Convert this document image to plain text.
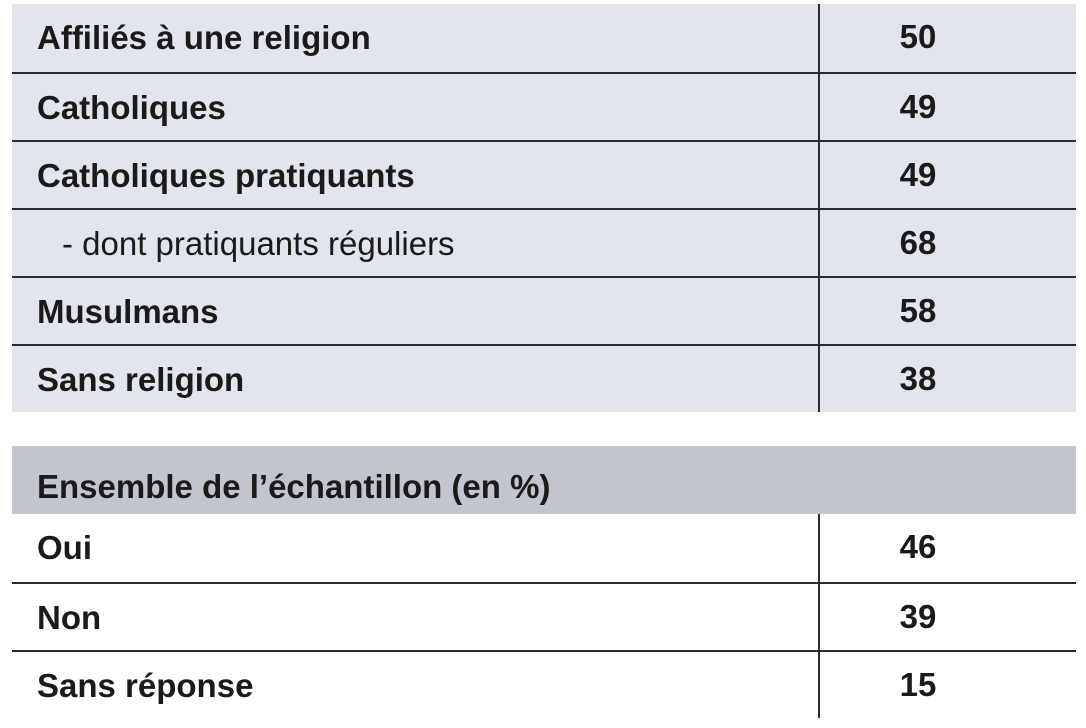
Affiliés à une religion	50
Catholiques	49
Catholiques pratiquants	49
- dont pratiquants réguliers	68
Musulmans	58
Sans religion	38
Ensemble de l’échantillon (en %)
Oui	46
Non	39
Sans réponse	15
